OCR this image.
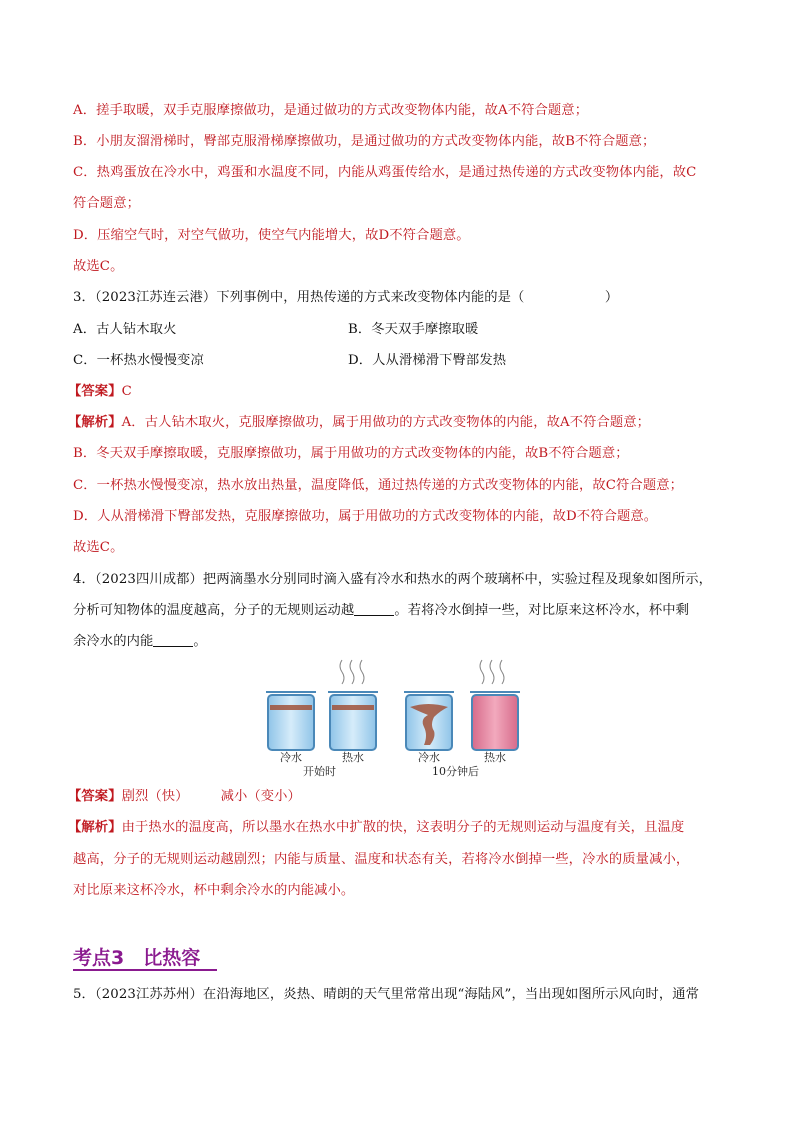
A．搓手取暖，双手克服摩擦做功，是通过做功的方式改变物体内能，故A不符合题意；
B．小朋友溜滑梯时，臀部克服滑梯摩擦做功，是通过做功的方式改变物体内能，故B不符合题意；
C．热鸡蛋放在冷水中，鸡蛋和水温度不同，内能从鸡蛋传给水，是通过热传递的方式改变物体内能，故C
符合题意；
D．压缩空气时，对空气做功，使空气内能增大，故D不符合题意。
故选C。
3．（2023江苏连云港）下列事例中，用热传递的方式来改变物体内能的是（　　　　　　）
A．古人钻木取火	B．冬天双手摩擦取暖
C．一杯热水慢慢变凉	D．人从滑梯滑下臀部发热
【答案】C
【解析】A．古人钻木取火，克服摩擦做功，属于用做功的方式改变物体的内能，故A不符合题意；
B．冬天双手摩擦取暖，克服摩擦做功，属于用做功的方式改变物体的内能，故B不符合题意；
C．一杯热水慢慢变凉，热水放出热量，温度降低，通过热传递的方式改变物体的内能，故C符合题意；
D．人从滑梯滑下臀部发热，克服摩擦做功，属于用做功的方式改变物体的内能，故D不符合题意。
故选C。
4．（2023四川成都）把两滴墨水分别同时滴入盛有冷水和热水的两个玻璃杯中，实验过程及现象如图所示，
分析可知物体的温度越高，分子的无规则运动越	。若将冷水倒掉一些，对比原来这杯冷水，杯中剩
余冷水的内能	。
冷水	热水	冷水	热水
开始时	10分钟后
【答案】剧烈（快） 减小（变小）
【解析】由于热水的温度高，所以墨水在热水中扩散的快，这表明分子的无规则运动与温度有关，且温度
越高，分子的无规则运动越剧烈；内能与质量、温度和状态有关，若将冷水倒掉一些，冷水的质量减小，
对比原来这杯冷水，杯中剩余冷水的内能减小。
考点3　比热容
5．（2023江苏苏州）在沿海地区，炎热、晴朗的天气里常常出现“海陆风”，当出现如图所示风向时，通常
